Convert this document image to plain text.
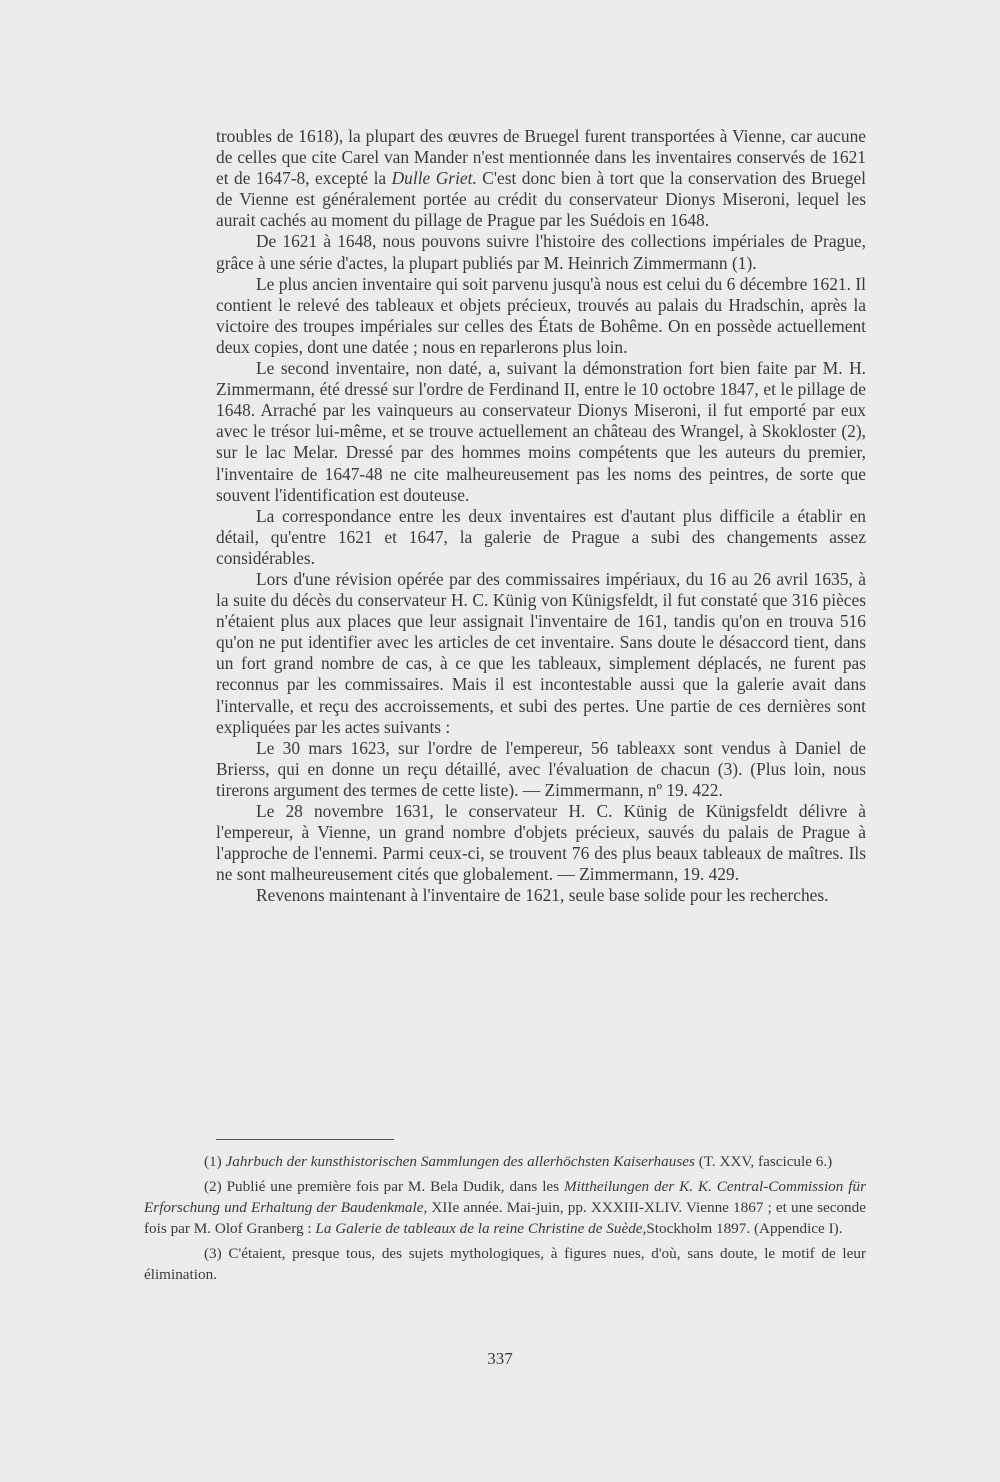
troubles de 1618), la plupart des œuvres de Bruegel furent transportées à Vienne, car aucune de celles que cite Carel van Mander n'est mentionnée dans les inventaires conservés de 1621 et de 1647-8, excepté la Dulle Griet. C'est donc bien à tort que la conservation des Bruegel de Vienne est généralement portée au crédit du conservateur Dionys Miseroni, lequel les aurait cachés au moment du pillage de Prague par les Suédois en 1648.

De 1621 à 1648, nous pouvons suivre l'histoire des collections impériales de Prague, grâce à une série d'actes, la plupart publiés par M. Heinrich Zimmermann (1).

Le plus ancien inventaire qui soit parvenu jusqu'à nous est celui du 6 décembre 1621. Il contient le relevé des tableaux et objets précieux, trouvés au palais du Hradschin, après la victoire des troupes impériales sur celles des États de Bohême. On en possède actuellement deux copies, dont une datée ; nous en reparlerons plus loin.

Le second inventaire, non daté, a, suivant la démonstration fort bien faite par M. H. Zimmermann, été dressé sur l'ordre de Ferdinand II, entre le 10 octobre 1847, et le pillage de 1648. Arraché par les vainqueurs au conservateur Dionys Miseroni, il fut emporté par eux avec le trésor lui-même, et se trouve actuellement an château des Wrangel, à Skokloster (2), sur le lac Melar. Dressé par des hommes moins compétents que les auteurs du premier, l'inventaire de 1647-48 ne cite malheureusement pas les noms des peintres, de sorte que souvent l'identification est douteuse.

La correspondance entre les deux inventaires est d'autant plus difficile a établir en détail, qu'entre 1621 et 1647, la galerie de Prague a subi des changements assez considérables.

Lors d'une révision opérée par des commissaires impériaux, du 16 au 26 avril 1635, à la suite du décès du conservateur H. C. Künig von Künigsfeldt, il fut constaté que 316 pièces n'étaient plus aux places que leur assignait l'inventaire de 161, tandis qu'on en trouva 516 qu'on ne put identifier avec les articles de cet inventaire. Sans doute le désaccord tient, dans un fort grand nombre de cas, à ce que les tableaux, simplement déplacés, ne furent pas reconnus par les commissaires. Mais il est incontestable aussi que la galerie avait dans l'intervalle, et reçu des accroissements, et subi des pertes. Une partie de ces dernières sont expliquées par les actes suivants :

Le 30 mars 1623, sur l'ordre de l'empereur, 56 tableaxx sont vendus à Daniel de Brierss, qui en donne un reçu détaillé, avec l'évaluation de chacun (3). (Plus loin, nous tirerons argument des termes de cette liste). — Zimmermann, nº 19. 422.

Le 28 novembre 1631, le conservateur H. C. Künig de Künigsfeldt délivre à l'empereur, à Vienne, un grand nombre d'objets précieux, sauvés du palais de Prague à l'approche de l'ennemi. Parmi ceux-ci, se trouvent 76 des plus beaux tableaux de maîtres. Ils ne sont malheureusement cités que globalement. — Zimmermann, 19. 429.

Revenons maintenant à l'inventaire de 1621, seule base solide pour les recherches.

(1) Jahrbuch der kunsthistorischen Sammlungen des allerhöchsten Kaiserhauses (T. XXV, fascicule 6.)

(2) Publié une première fois par M. Bela Dudik, dans les Mittheilungen der K. K. Central-Commission für Erforschung und Erhaltung der Baudenkmale, XIIe année. Mai-juin, pp. XXXIII-XLIV. Vienne 1867 ; et une seconde fois par M. Olof Granberg : La Galerie de tableaux de la reine Christine de Suède,Stockholm 1897. (Appendice I).

(3) C'étaient, presque tous, des sujets mythologiques, à figures nues, d'où, sans doute, le motif de leur élimination.

337
